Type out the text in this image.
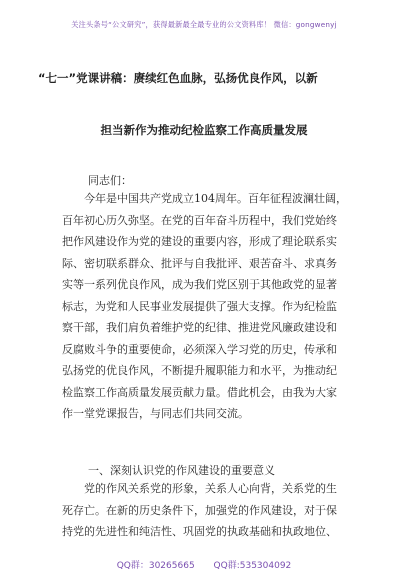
关注头条号“公文研究”，获得最新最全最专业的公文资料库！ 微信：gongwenyj
“七一”党课讲稿：赓续红色血脉，弘扬优良作风，以新
担当新作为推动纪检监察工作高质量发展
同志们：

今年是中国共产党成立104周年。百年征程波澜壮阔，

百年初心历久弥坚。在党的百年奋斗历程中，我们党始终

把作风建设作为党的建设的重要内容，形成了理论联系实

际、密切联系群众、批评与自我批评、艰苦奋斗、求真务

实等一系列优良作风，成为我们党区别于其他政党的显著

标志，为党和人民事业发展提供了强大支撑。作为纪检监

察干部，我们肩负着维护党的纪律、推进党风廉政建设和

反腐败斗争的重要使命，必须深入学习党的历史，传承和

弘扬党的优良作风，不断提升履职能力和水平，为推动纪

检监察工作高质量发展贡献力量。借此机会，由我为大家

作一堂党课报告，与同志们共同交流。

一、深刻认识党的作风建设的重要意义

党的作风关系党的形象，关系人心向背，关系党的生

死存亡。在新的历史条件下，加强党的作风建设，对于保

持党的先进性和纯洁性、巩固党的执政基础和执政地位、

QQ群：30265665 QQ群:535304092
